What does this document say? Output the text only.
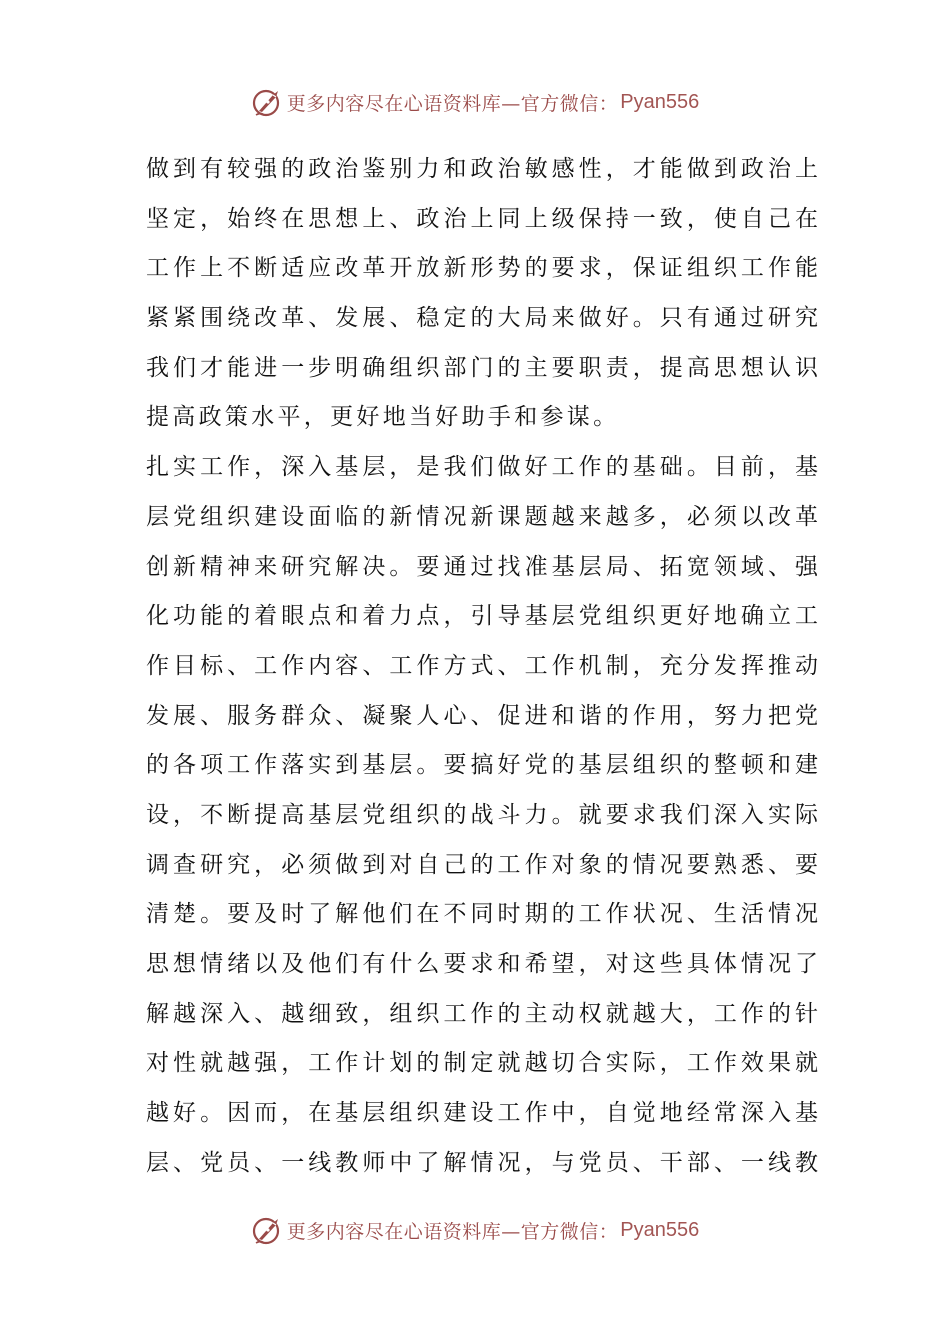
更多内容尽在心语资料库—官方微信： Pyan556
做到有较强的政治鉴别力和政治敏感性，才能做到政治上
坚定，始终在思想上、政治上同上级保持一致，使自己在
工作上不断适应改革开放新形势的要求，保证组织工作能
紧紧围绕改革、发展、稳定的大局来做好。只有通过研究
我们才能进一步明确组织部门的主要职责，提高思想认识
提高政策水平，更好地当好助手和参谋。
扎实工作，深入基层，是我们做好工作的基础。目前，基
层党组织建设面临的新情况新课题越来越多，必须以改革
创新精神来研究解决。要通过找准基层局、拓宽领域、强
化功能的着眼点和着力点，引导基层党组织更好地确立工
作目标、工作内容、工作方式、工作机制，充分发挥推动
发展、服务群众、凝聚人心、促进和谐的作用，努力把党
的各项工作落实到基层。要搞好党的基层组织的整顿和建
设，不断提高基层党组织的战斗力。就要求我们深入实际
调查研究，必须做到对自己的工作对象的情况要熟悉、要
清楚。要及时了解他们在不同时期的工作状况、生活情况
思想情绪以及他们有什么要求和希望，对这些具体情况了
解越深入、越细致，组织工作的主动权就越大，工作的针
对性就越强，工作计划的制定就越切合实际，工作效果就
越好。因而，在基层组织建设工作中，自觉地经常深入基
层、党员、一线教师中了解情况，与党员、干部、一线教
更多内容尽在心语资料库—官方微信： Pyan556
